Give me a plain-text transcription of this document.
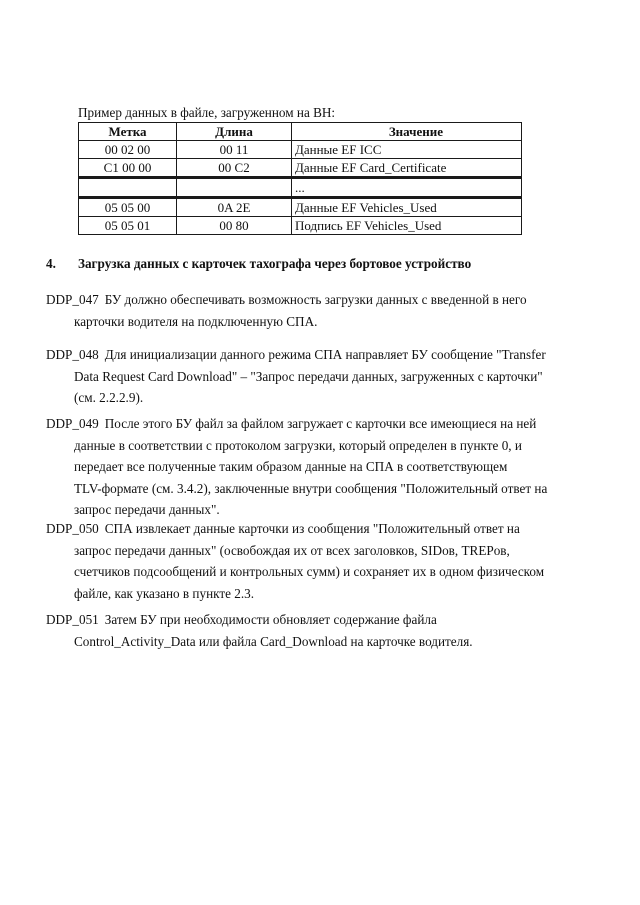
Пример данных в файле, загруженном на ВН:
Метка	Длина	Значение
00 02 00	00 11	Данные EF ICC
C1 00 00	00 C2	Данные EF Card_Certificate
		...
05 05 00	0A 2E	Данные EF Vehicles_Used
05 05 01	00 80	Подпись EF Vehicles_Used
4. Загрузка данных с карточек тахографа через бортовое устройство
DDP_047 БУ должно обеспечивать возможность загрузки данных с введенной в него
карточки водителя на подключенную СПА.
DDP_048 Для инициализации данного режима СПА направляет БУ сообщение "Transfer
Data Request Card Download" – "Запрос передачи данных, загруженных с карточки"
(см. 2.2.2.9).
DDP_049 После этого БУ файл за файлом загружает с карточки все имеющиеся на ней
данные в соответствии с протоколом загрузки, который определен в пункте 0, и
передает все полученные таким образом данные на СПА в соответствующем
TLV-формате (см. 3.4.2), заключенные внутри сообщения "Положительный ответ на
запрос передачи данных".
DDP_050 СПА извлекает данные карточки из сообщения "Положительный ответ на
запрос передачи данных" (освобождая их от всех заголовков, SIDов, TREPов,
счетчиков подсообщений и контрольных сумм) и сохраняет их в одном физическом
файле, как указано в пункте 2.3.
DDP_051 Затем БУ при необходимости обновляет содержание файла
Control_Activity_Data или файла Card_Download на карточке водителя.
